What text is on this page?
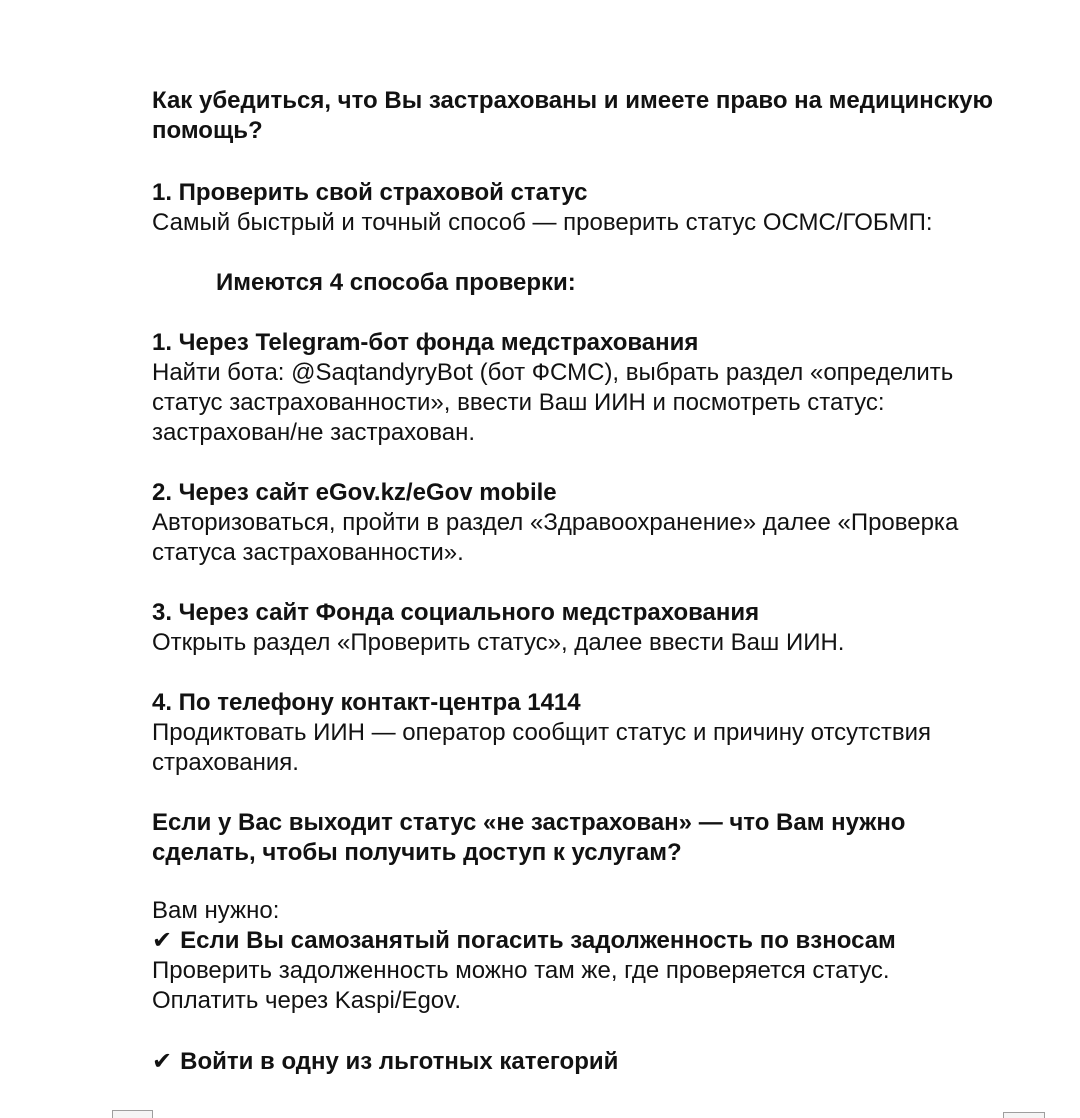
Как убедиться, что Вы застрахованы и имеете право на медицинскую помощь?

1. Проверить свой страховой статус

Самый быстрый и точный способ — проверить статус ОСМС/ГОБМП:

Имеются 4 способа проверки:

1. Через Telegram-бот фонда медстрахования

Найти бота: @SaqtandyryBot (бот ФСМС), выбрать раздел «определить статус застрахованности», ввести Ваш ИИН и посмотреть статус: застрахован/не застрахован.

2. Через сайт eGov.kz/eGov mobile

Авторизоваться, пройти в раздел «Здравоохранение» далее «Проверка статуса застрахованности».

3. Через сайт Фонда социального медстрахования

Открыть раздел «Проверить статус», далее ввести Ваш ИИН.

4. По телефону контакт-центра 1414

Продиктовать ИИН — оператор сообщит статус и причину отсутствия страхования.

Если у Вас выходит статус «не застрахован» — что Вам нужно сделать, чтобы получить доступ к услугам?

Вам нужно:

✔ Если Вы самозанятый погасить задолженность по взносам

Проверить задолженность можно там же, где проверяется статус.

Оплатить через Kaspi/Egov.

✔ Войти в одну из льготных категорий
